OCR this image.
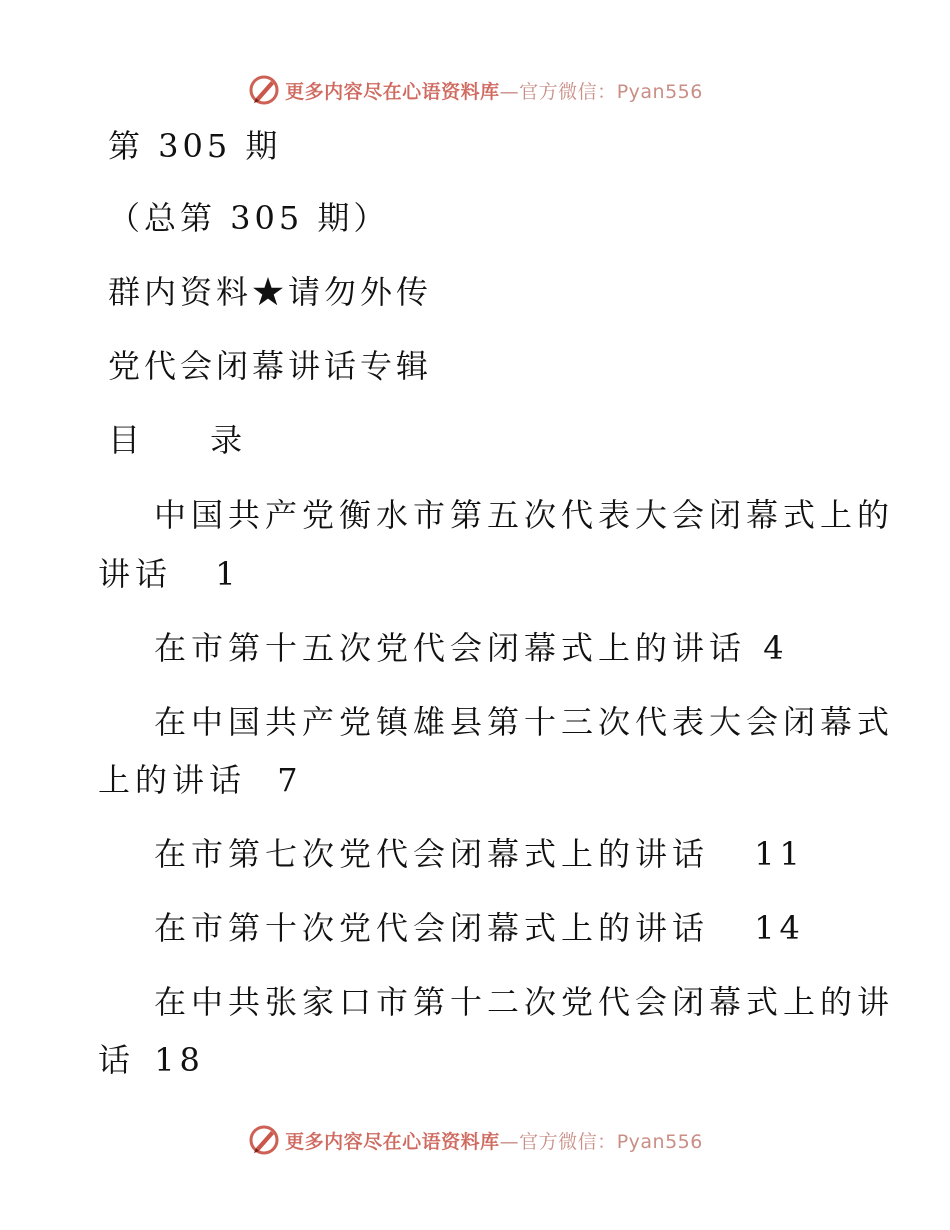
更多内容尽在心语资料库—官方微信：Pyan556
第 305 期
（总第 305 期）
群内资料★请勿外传
党代会闭幕讲话专辑
目 录
中国共产党衡水市第五次代表大会闭幕式上的
讲话 1
在市第十五次党代会闭幕式上的讲话 4
在中国共产党镇雄县第十三次代表大会闭幕式
上的讲话 7
在市第七次党代会闭幕式上的讲话 11
在市第十次党代会闭幕式上的讲话 14
在中共张家口市第十二次党代会闭幕式上的讲
话 18
更多内容尽在心语资料库—官方微信：Pyan556
